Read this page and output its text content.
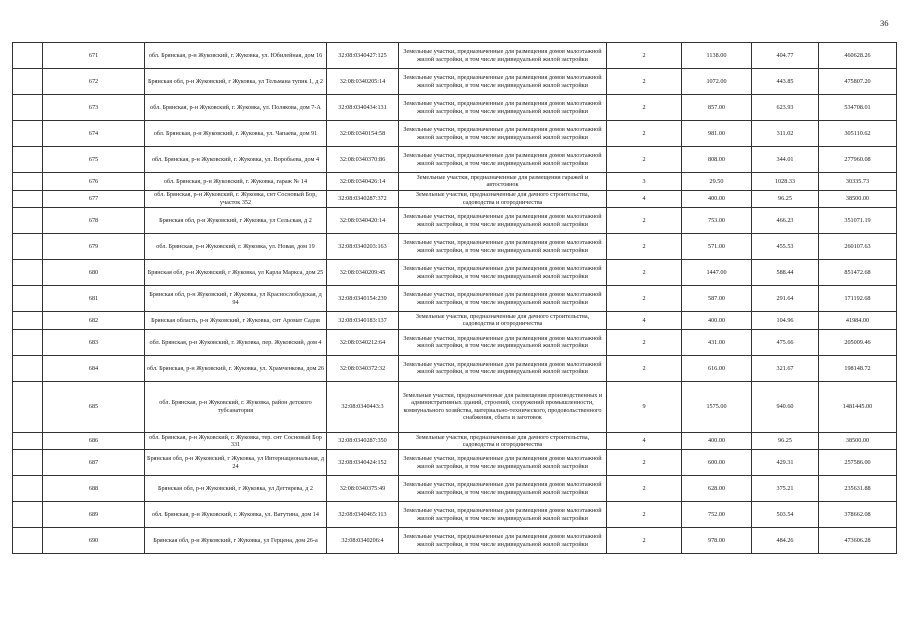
36
	671	обл. Брянская, р-н Жуковский, г. Жуковка, ул. Юбилейная, дом 16	32:08:0340427:125	Земельные участки, предназначенные для размещения домов малоэтажной жилой застройки, в том числе индивидуальной жилой застройки	2	1138.00	404.77	460628.26
	672	Брянская обл, р-н Жуковский, г Жуковка, ул Тельмана тупик 1, д 2	32:08:0340205:14	Земельные участки, предназначенные для размещения домов малоэтажной жилой застройки, в том числе индивидуальной жилой застройки	2	1072.00	443.85	475807.20
	673	обл. Брянская, р-н Жуковский, г. Жуковка, ул. Полякова, дом 7-А	32:08:0340434:131	Земельные участки, предназначенные для размещения домов малоэтажной жилой застройки, в том числе индивидуальной жилой застройки	2	857.00	623.93	534708.01
	674	обл. Брянская, р-н Жуковский, г. Жуковка, ул. Чапаева, дом 91	32:08:0340154:58	Земельные участки, предназначенные для размещения домов малоэтажной жилой застройки, в том числе индивидуальной жилой застройки	2	981.00	311.02	305110.62
	675	обл. Брянская, р-н Жуковский, г. Жуковка, ул. Воробьева, дом 4	32:08:0340370:86	Земельные участки, предназначенные для размещения домов малоэтажной жилой застройки, в том числе индивидуальной жилой застройки	2	808.00	344.01	277960.08
	676	обл. Брянская, р-н Жуковский, г. Жуковка, гараж № 14	32:08:0340426:14	Земельные участки, предназначенные для размещения гаражей и автостоянок	3	29.50	1028.33	30335.73
	677	обл. Брянская, р-н Жуковский, г. Жуковка, снт Сосновый Бор, участок 352	32:08:0340287:372	Земельные участки, предназначенные для дачного строительства, садоводства и огородничества	4	400.00	96.25	38500.00
	678	Брянская обл, р-н Жуковский, г Жуковка, ул Сельская, д 2	32:08:0340420:14	Земельные участки, предназначенные для размещения домов малоэтажной жилой застройки, в том числе индивидуальной жилой застройки	2	753.00	466.23	351071.19
	679	обл. Брянская, р-н Жуковский, г. Жуковка, ул. Новая, дом 19	32:08:0340203:163	Земельные участки, предназначенные для размещения домов малоэтажной жилой застройки, в том числе индивидуальной жилой застройки	2	571.00	455.53	260107.63
	680	Брянская обл, р-н Жуковский, г Жуковка, ул Карла Маркса, дом 25	32:08:0340209:45	Земельные участки, предназначенные для размещения домов малоэтажной жилой застройки, в том числе индивидуальной жилой застройки	2	1447.00	588.44	851472.68
	681	Брянская обл, р-н Жуковский, г Жуковка, ул Краснослободская, д 94	32:08:0340154:239	Земельные участки, предназначенные для размещения домов малоэтажной жилой застройки, в том числе индивидуальной жилой застройки	2	587.00	291.64	171192.68
	682	Брянская область, р-н Жуковский, г Жуковка, снт Аромат Садов	32:08:0340183:137	Земельные участки, предназначенные для дачного строительства, садоводства и огородничества	4	400.00	104.96	41984.00
	683	обл. Брянская, р-н Жуковский, г. Жуковка, пер. Жуковский, дом 4	32:08:0340212:64	Земельные участки, предназначенные для размещения домов малоэтажной жилой застройки, в том числе индивидуальной жилой застройки	2	431.00	475.66	205009.46
	684	обл. Брянская, р-н Жуковский, г. Жуковка, ул. Храмченкова, дом 26	32:08:0340372:32	Земельные участки, предназначенные для размещения домов малоэтажной жилой застройки, в том числе индивидуальной жилой застройки	2	616.00	321.67	198148.72
	685	обл. Брянская, р-н Жуковский, г. Жуковка, район детского тубсанатория	32:08:0340443:3	Земельные участки, предназначенные для размещения производственных и административных зданий, строений, сооружений промышленности, коммунального хозяйства, материально-технического, продовольственного снабжения, сбыта и заготовок	9	1575.00	940.60	1481445.00
	686	обл. Брянская, р-н Жуковский, г. Жуковка, тер. снт Сосновый Бор 331	32:08:0340287:350	Земельные участки, предназначенные для дачного строительства, садоводства и огородничества	4	400.00	96.25	38500.00
	687	Брянская обл, р-н Жуковский, г Жуковка, ул Интернациональная, д 24	32:08:0340424:152	Земельные участки, предназначенные для размещения домов малоэтажной жилой застройки, в том числе индивидуальной жилой застройки	2	600.00	429.31	257586.00
	688	Брянская обл, р-н Жуковский, г Жуковка, ул Дегтярева, д 2	32:08:0340375:49	Земельные участки, предназначенные для размещения домов малоэтажной жилой застройки, в том числе индивидуальной жилой застройки	2	628.00	375.21	235631.88
	689	обл. Брянская, р-н Жуковский, г. Жуковка, ул. Ватутина, дом 14	32:08:0340465:113	Земельные участки, предназначенные для размещения домов малоэтажной жилой застройки, в том числе индивидуальной жилой застройки	2	752.00	503.54	378662.08
	690	Брянская обл, р-н Жуковский, г Жуковка, ул Герцена, дом 26-а	32:08:0340206:4	Земельные участки, предназначенные для размещения домов малоэтажной жилой застройки, в том числе индивидуальной жилой застройки	2	978.00	484.26	473606.28
